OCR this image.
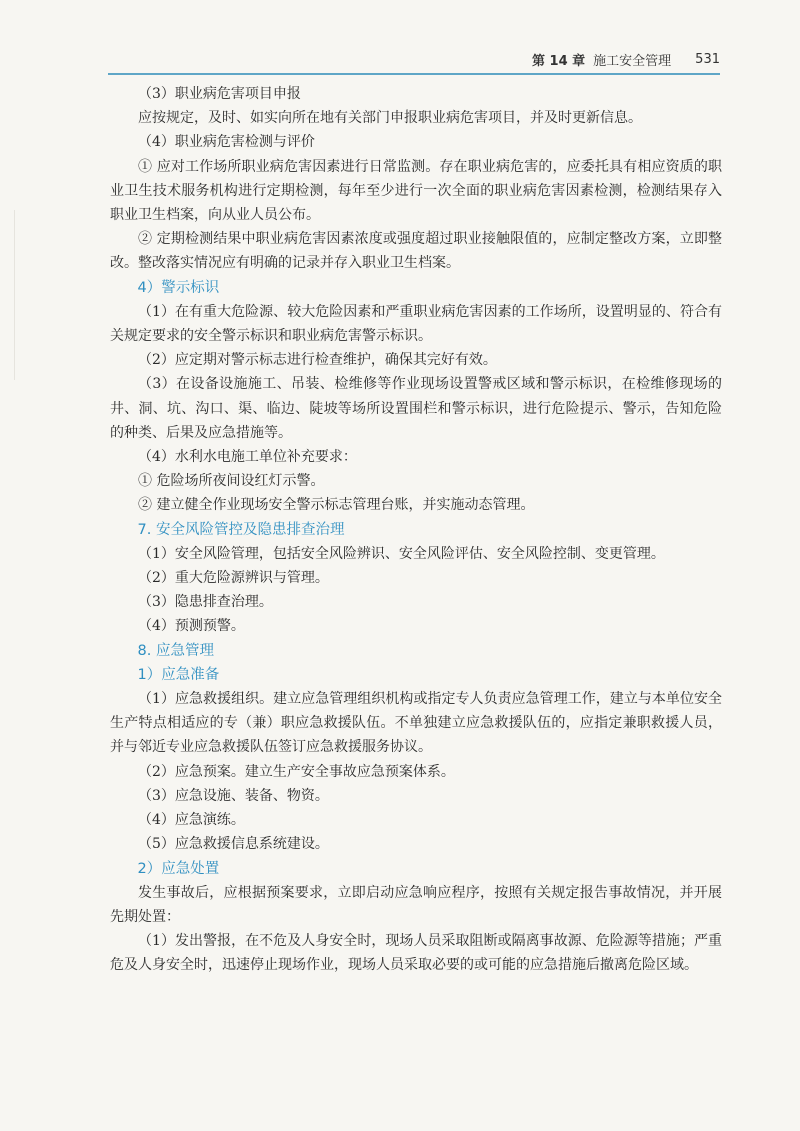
第 14 章 施工安全管理 531

（3）职业病危害项目申报

应按规定，及时、如实向所在地有关部门申报职业病危害项目，并及时更新信息。

（4）职业病危害检测与评价

① 应对工作场所职业病危害因素进行日常监测。存在职业病危害的，应委托具有相应资质的职业卫生技术服务机构进行定期检测，每年至少进行一次全面的职业病危害因素检测，检测结果存入职业卫生档案，向从业人员公布。

② 定期检测结果中职业病危害因素浓度或强度超过职业接触限值的，应制定整改方案，立即整改。整改落实情况应有明确的记录并存入职业卫生档案。

4）警示标识

（1）在有重大危险源、较大危险因素和严重职业病危害因素的工作场所，设置明显的、符合有关规定要求的安全警示标识和职业病危害警示标识。

（2）应定期对警示标志进行检查维护，确保其完好有效。

（3）在设备设施施工、吊装、检维修等作业现场设置警戒区域和警示标识，在检维修现场的井、洞、坑、沟口、渠、临边、陡坡等场所设置围栏和警示标识，进行危险提示、警示，告知危险的种类、后果及应急措施等。

（4）水利水电施工单位补充要求：

① 危险场所夜间设红灯示警。

② 建立健全作业现场安全警示标志管理台账，并实施动态管理。

7. 安全风险管控及隐患排查治理

（1）安全风险管理，包括安全风险辨识、安全风险评估、安全风险控制、变更管理。

（2）重大危险源辨识与管理。

（3）隐患排查治理。

（4）预测预警。

8. 应急管理

1）应急准备

（1）应急救援组织。建立应急管理组织机构或指定专人负责应急管理工作，建立与本单位安全生产特点相适应的专（兼）职应急救援队伍。不单独建立应急救援队伍的，应指定兼职救援人员，并与邻近专业应急救援队伍签订应急救援服务协议。

（2）应急预案。建立生产安全事故应急预案体系。

（3）应急设施、装备、物资。

（4）应急演练。

（5）应急救援信息系统建设。

2）应急处置

发生事故后，应根据预案要求，立即启动应急响应程序，按照有关规定报告事故情况，并开展先期处置：

（1）发出警报，在不危及人身安全时，现场人员采取阻断或隔离事故源、危险源等措施；严重危及人身安全时，迅速停止现场作业，现场人员采取必要的或可能的应急措施后撤离危险区域。
